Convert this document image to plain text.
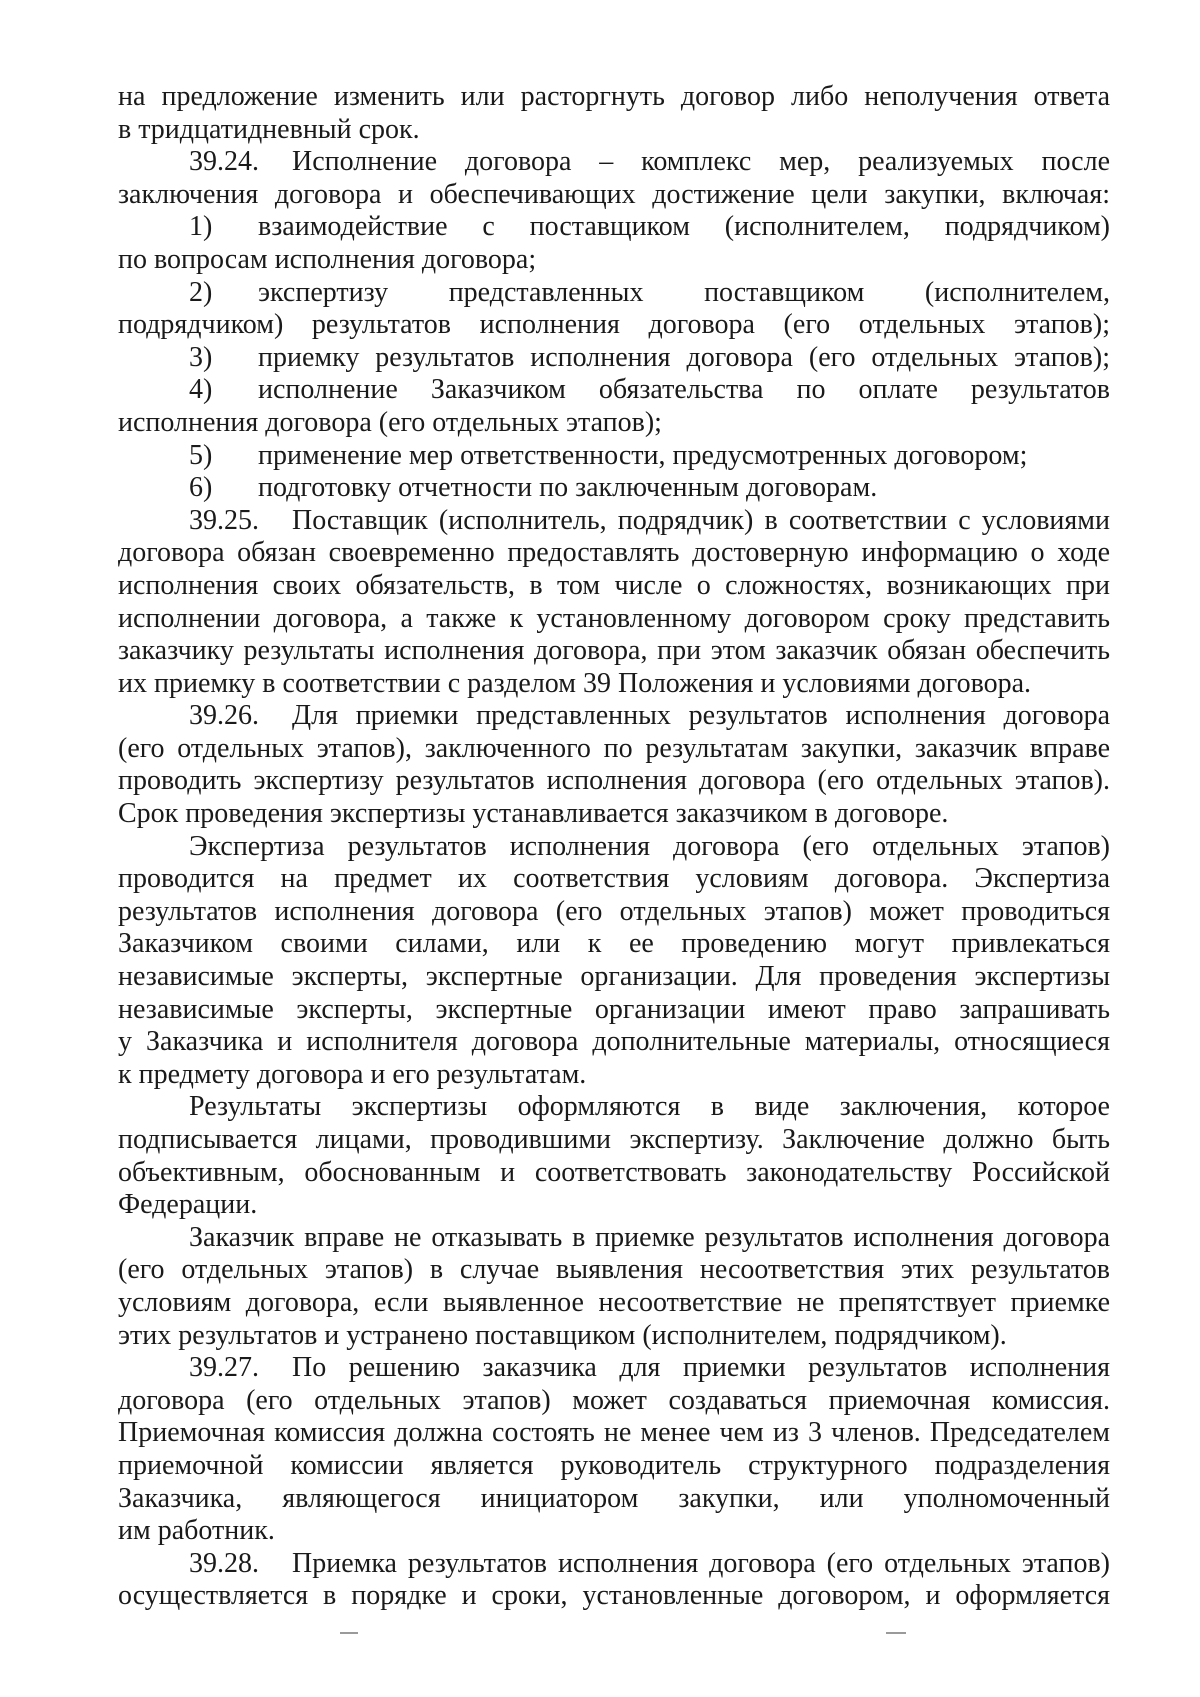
на предложение изменить или расторгнуть договор либо неполучения ответа
в тридцатидневный срок.
39.24. Исполнение договора – комплекс мер, реализуемых после
заключения договора и обеспечивающих достижение цели закупки, включая:
1) взаимодействие с поставщиком (исполнителем, подрядчиком)
по вопросам исполнения договора;
2) экспертизу представленных поставщиком (исполнителем,
подрядчиком) результатов исполнения договора (его отдельных этапов);
3) приемку результатов исполнения договора (его отдельных этапов);
4) исполнение Заказчиком обязательства по оплате результатов
исполнения договора (его отдельных этапов);
5) применение мер ответственности, предусмотренных договором;
6) подготовку отчетности по заключенным договорам.
39.25. Поставщик (исполнитель, подрядчик) в соответствии с условиями
договора обязан своевременно предоставлять достоверную информацию о ходе
исполнения своих обязательств, в том числе о сложностях, возникающих при
исполнении договора, а также к установленному договором сроку представить
заказчику результаты исполнения договора, при этом заказчик обязан обеспечить
их приемку в соответствии с разделом 39 Положения и условиями договора.
39.26. Для приемки представленных результатов исполнения договора
(его отдельных этапов), заключенного по результатам закупки, заказчик вправе
проводить экспертизу результатов исполнения договора (его отдельных этапов).
Срок проведения экспертизы устанавливается заказчиком в договоре.
Экспертиза результатов исполнения договора (его отдельных этапов)
проводится на предмет их соответствия условиям договора. Экспертиза
результатов исполнения договора (его отдельных этапов) может проводиться
Заказчиком своими силами, или к ее проведению могут привлекаться
независимые эксперты, экспертные организации. Для проведения экспертизы
независимые эксперты, экспертные организации имеют право запрашивать
у Заказчика и исполнителя договора дополнительные материалы, относящиеся
к предмету договора и его результатам.
Результаты экспертизы оформляются в виде заключения, которое
подписывается лицами, проводившими экспертизу. Заключение должно быть
объективным, обоснованным и соответствовать законодательству Российской
Федерации.
Заказчик вправе не отказывать в приемке результатов исполнения договора
(его отдельных этапов) в случае выявления несоответствия этих результатов
условиям договора, если выявленное несоответствие не препятствует приемке
этих результатов и устранено поставщиком (исполнителем, подрядчиком).
39.27. По решению заказчика для приемки результатов исполнения
договора (его отдельных этапов) может создаваться приемочная комиссия.
Приемочная комиссия должна состоять не менее чем из 3 членов. Председателем
приемочной комиссии является руководитель структурного подразделения
Заказчика, являющегося инициатором закупки, или уполномоченный
им работник.
39.28. Приемка результатов исполнения договора (его отдельных этапов)
осуществляется в порядке и сроки, установленные договором, и оформляется
